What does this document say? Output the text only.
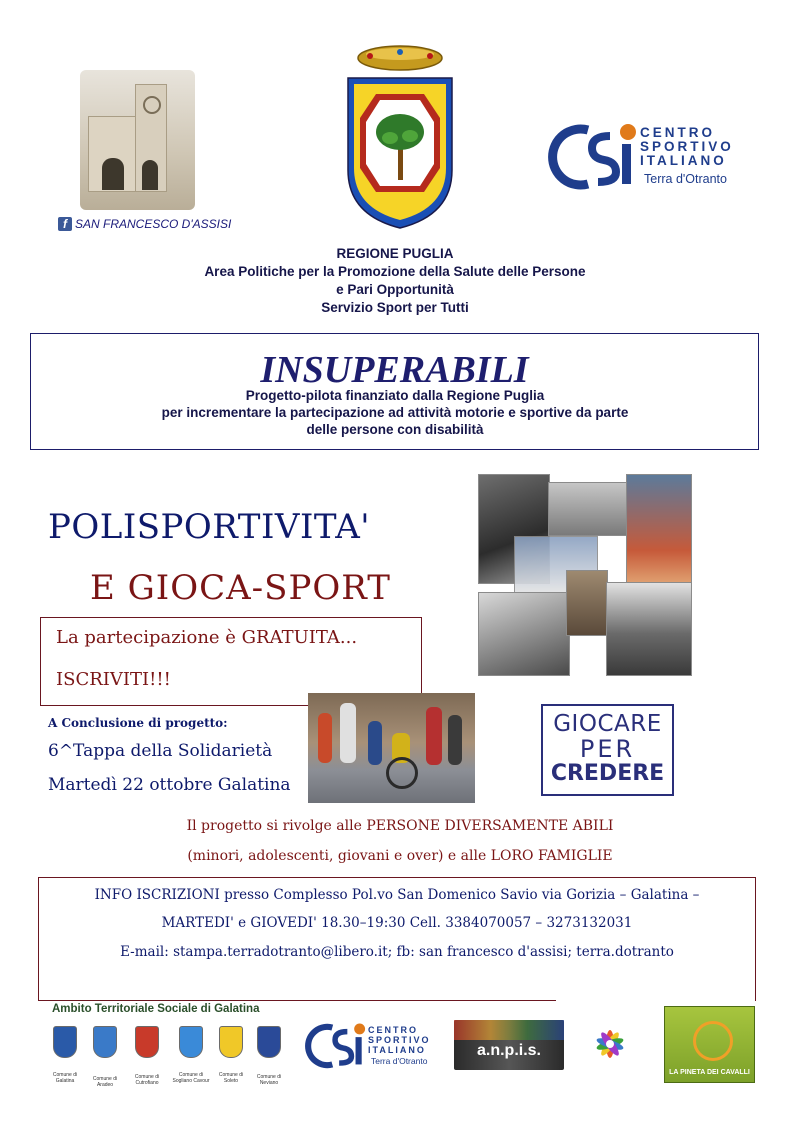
f SAN FRANCESCO D'ASSISI
CENTRO
SPORTIVO
ITALIANO
Terra d'Otranto
REGIONE PUGLIA
Area Politiche per la Promozione della Salute delle Persone
e Pari Opportunità
Servizio Sport per Tutti
INSUPERABILI
Progetto-pilota finanziato dalla Regione Puglia
per incrementare la partecipazione ad attività motorie e sportive da parte
delle persone con disabilità
POLISPORTIVITA'
E GIOCA-SPORT
La partecipazione è GRATUITA...
ISCRIVITI!!!
A Conclusione di progetto:
6^Tappa della Solidarietà
Martedì 22 ottobre Galatina
GIOCARE
PER
CREDERE
Il progetto si rivolge alle PERSONE DIVERSAMENTE ABILI
(minori, adolescenti, giovani e over) e alle LORO FAMIGLIE
INFO ISCRIZIONI presso Complesso Pol.vo San Domenico Savio via Gorizia – Galatina –
MARTEDI' e GIOVEDI' 18.30–19:30 Cell. 3384070057 – 3273132031
E-mail: stampa.terradotranto@libero.it; fb: san francesco d'assisi; terra.dotranto
Ambito Territoriale Sociale di Galatina
Comune di Galatina	Comune di Aradeo
Comune di Cutrofiano
Comune di Sogliano Cavour
Comune di Soleto
Comune di Neviano
CENTRO
SPORTIVO
ITALIANO
Terra d'Otranto
a.n.p.i.s.
LA PINETA DEI CAVALLI
